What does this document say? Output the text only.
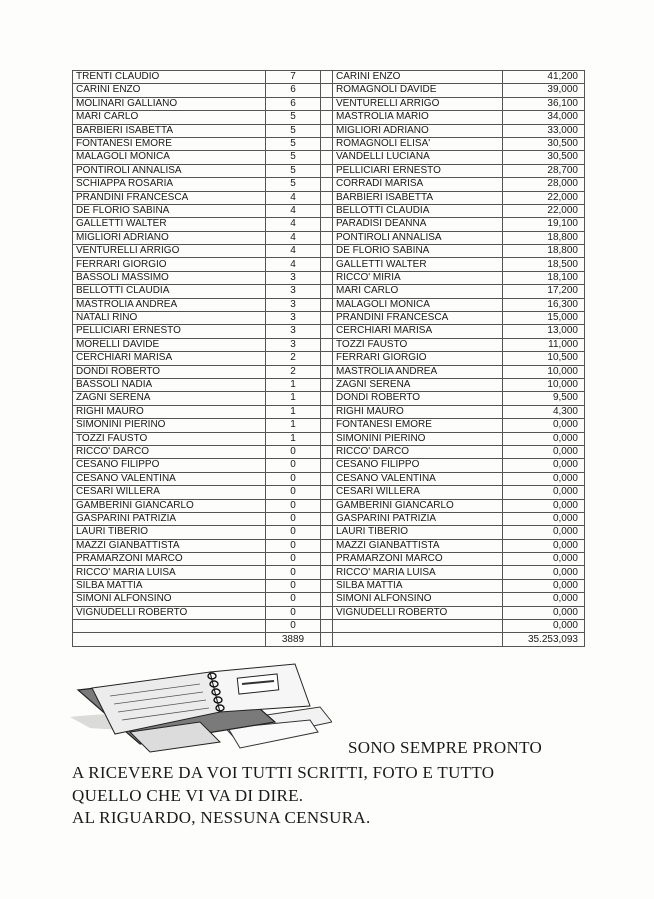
TRENTI CLAUDIO	7		CARINI ENZO	41,200
CARINI ENZO	6		ROMAGNOLI DAVIDE	39,000
MOLINARI GALLIANO	6		VENTURELLI ARRIGO	36,100
MARI CARLO	5		MASTROLIA MARIO	34,000
BARBIERI ISABETTA	5		MIGLIORI ADRIANO	33,000
FONTANESI EMORE	5		ROMAGNOLI ELISA'	30,500
MALAGOLI MONICA	5		VANDELLI LUCIANA	30,500
PONTIROLI ANNALISA	5		PELLICIARI ERNESTO	28,700
SCHIAPPA ROSARIA	5		CORRADI MARISA	28,000
PRANDINI FRANCESCA	4		BARBIERI ISABETTA	22,000
DE FLORIO SABINA	4		BELLOTTI CLAUDIA	22,000
GALLETTI WALTER	4		PARADISI DEANNA	19,100
MIGLIORI ADRIANO	4		PONTIROLI ANNALISA	18,800
VENTURELLI ARRIGO	4		DE FLORIO SABINA	18,800
FERRARI GIORGIO	4		GALLETTI WALTER	18,500
BASSOLI MASSIMO	3		RICCO' MIRIA	18,100
BELLOTTI CLAUDIA	3		MARI CARLO	17,200
MASTROLIA ANDREA	3		MALAGOLI MONICA	16,300
NATALI RINO	3		PRANDINI FRANCESCA	15,000
PELLICIARI ERNESTO	3		CERCHIARI MARISA	13,000
MORELLI DAVIDE	3		TOZZI FAUSTO	11,000
CERCHIARI MARISA	2		FERRARI GIORGIO	10,500
DONDI ROBERTO	2		MASTROLIA ANDREA	10,000
BASSOLI NADIA	1		ZAGNI SERENA	10,000
ZAGNI SERENA	1		DONDI ROBERTO	9,500
RIGHI MAURO	1		RIGHI MAURO	4,300
SIMONINI PIERINO	1		FONTANESI EMORE	0,000
TOZZI FAUSTO	1		SIMONINI PIERINO	0,000
RICCO' DARCO	0		RICCO' DARCO	0,000
CESANO FILIPPO	0		CESANO FILIPPO	0,000
CESANO VALENTINA	0		CESANO VALENTINA	0,000
CESARI WILLERA	0		CESARI WILLERA	0,000
GAMBERINI GIANCARLO	0		GAMBERINI GIANCARLO	0,000
GASPARINI PATRIZIA	0		GASPARINI PATRIZIA	0,000
LAURI TIBERIO	0		LAURI TIBERIO	0,000
MAZZI GIANBATTISTA	0		MAZZI GIANBATTISTA	0,000
PRAMARZONI MARCO	0		PRAMARZONI MARCO	0,000
RICCO' MARIA LUISA	0		RICCO' MARIA LUISA	0,000
SILBA MATTIA	0		SILBA MATTIA	0,000
SIMONI ALFONSINO	0		SIMONI ALFONSINO	0,000
VIGNUDELLI ROBERTO	0		VIGNUDELLI ROBERTO	0,000
	0			0,000
	3889			35.253,093
SONO SEMPRE PRONTO
A RICEVERE DA VOI TUTTI SCRITTI, FOTO E TUTTO
QUELLO CHE VI VA DI DIRE.
AL RIGUARDO, NESSUNA CENSURA.
